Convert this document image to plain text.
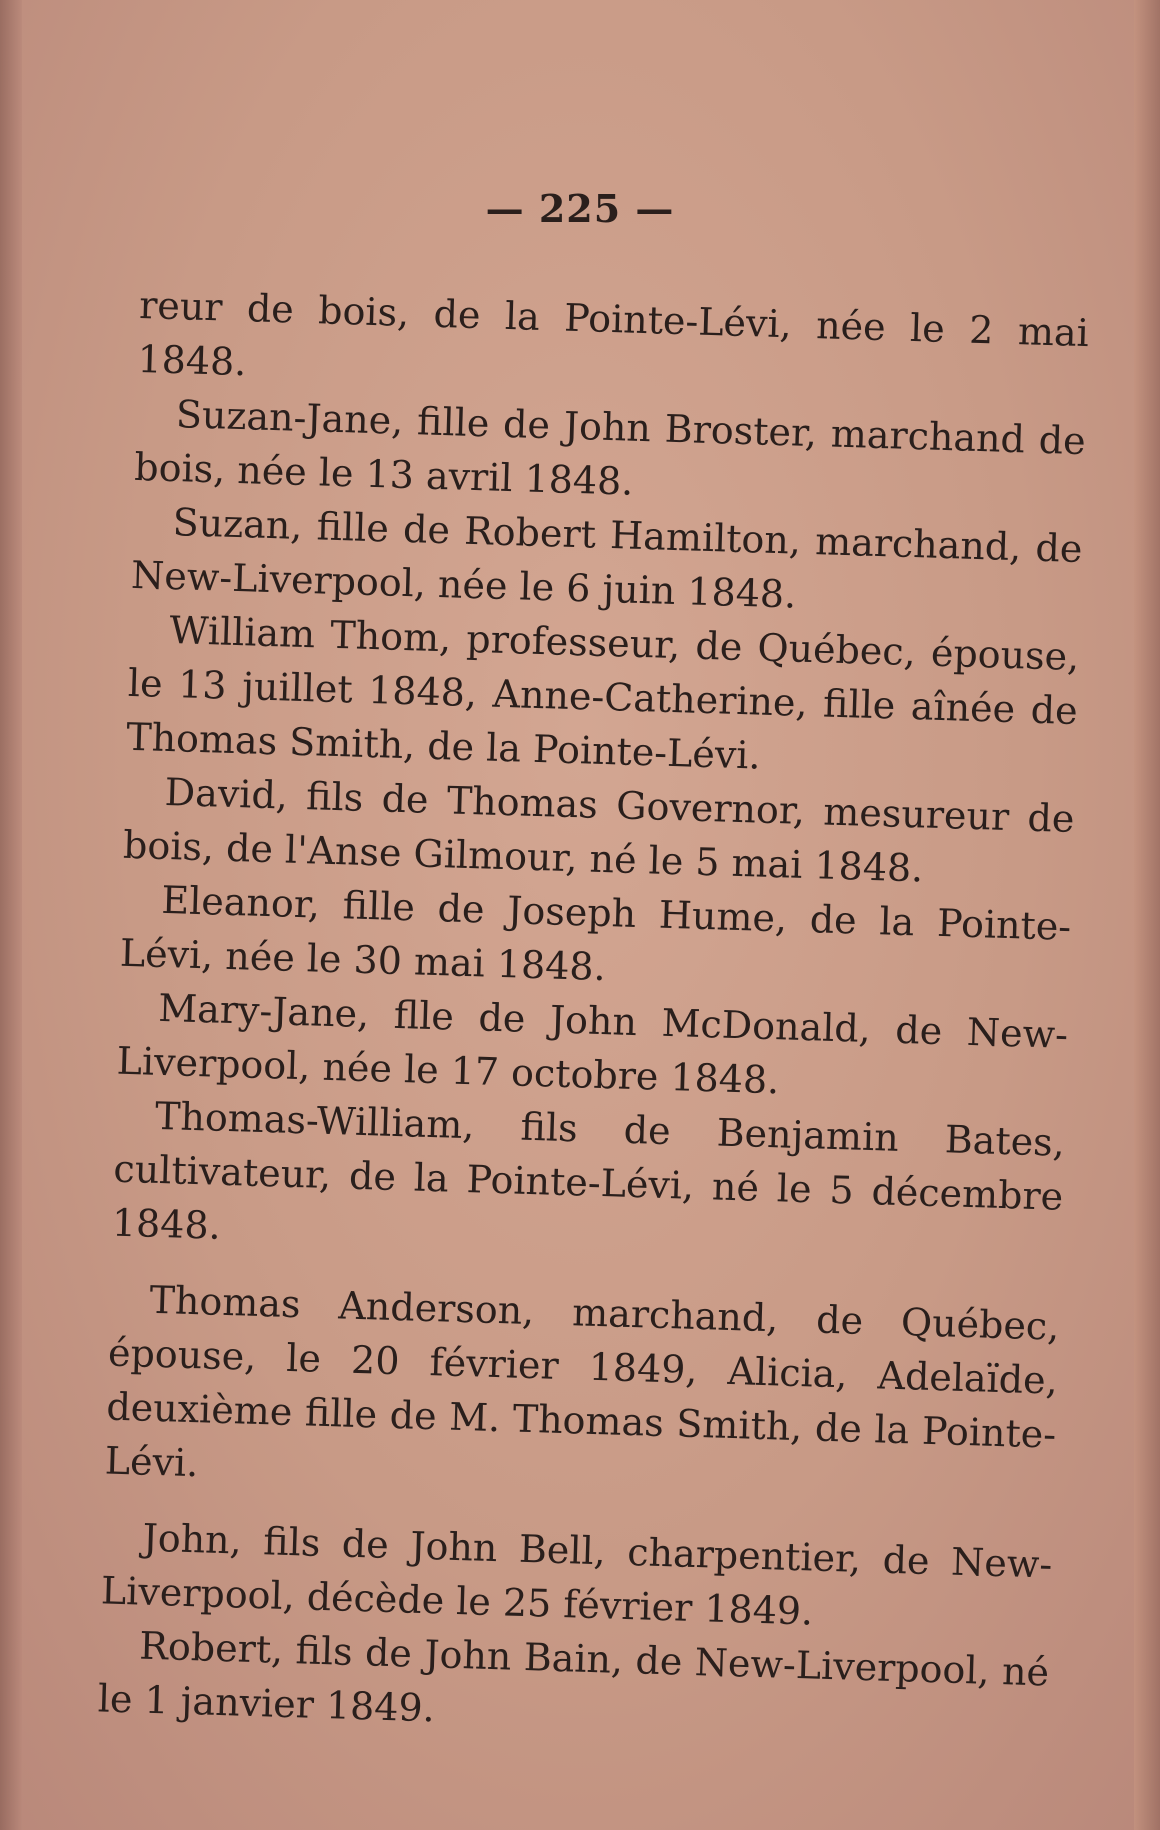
— 225 —

reur de bois, de la Pointe-Lévi, née le 2 mai 1848.

Suzan-Jane, fille de John Broster, marchand de bois, née le 13 avril 1848.

Suzan, fille de Robert Hamilton, marchand, de New-Liverpool, née le 6 juin 1848.

William Thom, professeur, de Québec, épouse, le 13 juillet 1848, Anne-Catherine, fille aînée de Thomas Smith, de la Pointe-Lévi.

David, fils de Thomas Governor, mesureur de bois, de l'Anse Gilmour, né le 5 mai 1848.

Eleanor, fille de Joseph Hume, de la Pointe-Lévi, née le 30 mai 1848.

Mary-Jane, flle de John McDonald, de New-Liverpool, née le 17 octobre 1848.

Thomas-William, fils de Benjamin Bates, cultivateur, de la Pointe-Lévi, né le 5 décembre 1848.

Thomas Anderson, marchand, de Québec, épouse, le 20 février 1849, Alicia, Adelaïde, deuxième fille de M. Thomas Smith, de la Pointe-Lévi.

John, fils de John Bell, charpentier, de New-Liverpool, décède le 25 février 1849.

Robert, fils de John Bain, de New-Liverpool, né le 1 janvier 1849.
